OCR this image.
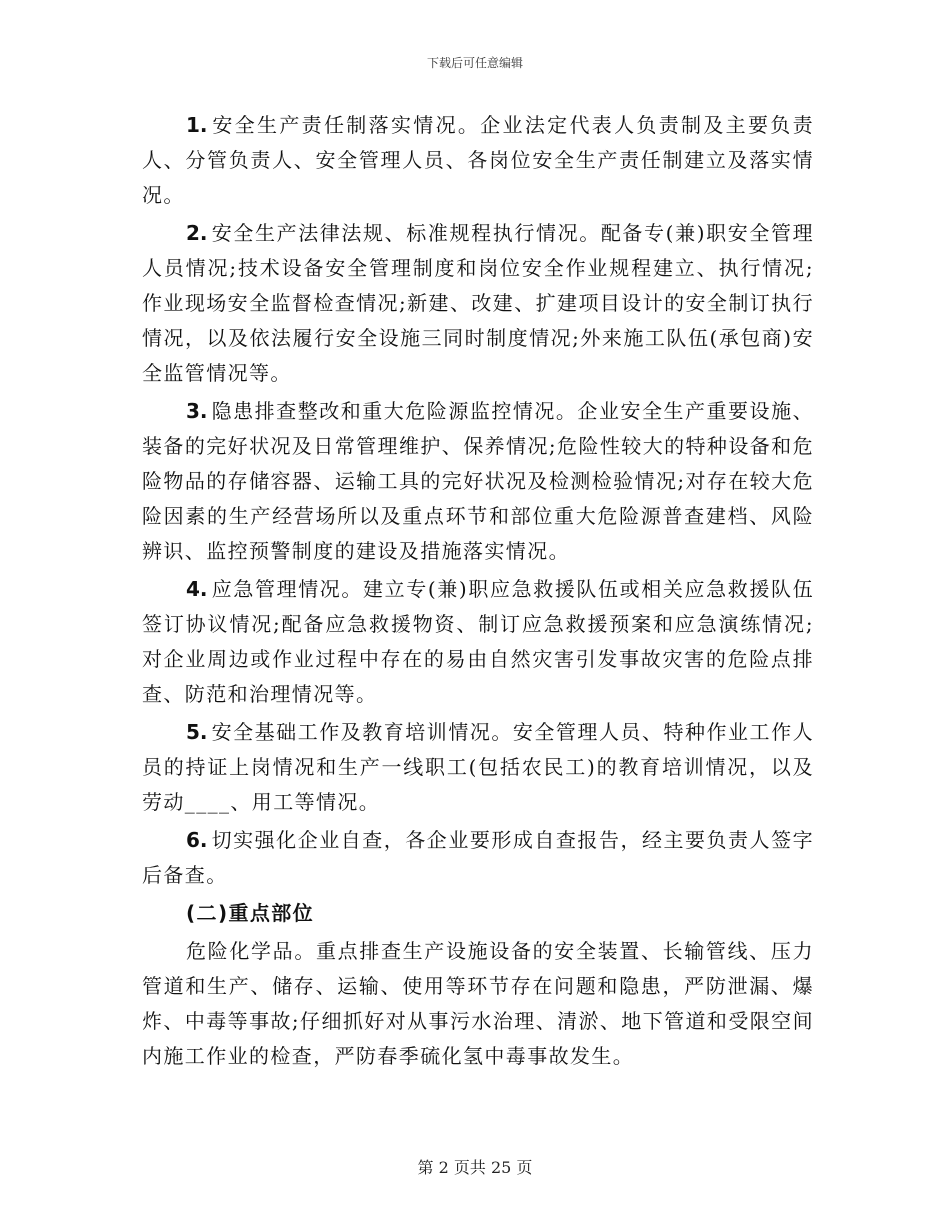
下载后可任意编辑

1. 安全生产责任制落实情况。企业法定代表人负责制及主要负责人、分管负责人、安全管理人员、各岗位安全生产责任制建立及落实情况。

2. 安全生产法律法规、标准规程执行情况。配备专(兼)职安全管理人员情况;技术设备安全管理制度和岗位安全作业规程建立、执行情况;作业现场安全监督检查情况;新建、改建、扩建项目设计的安全制订执行情况，以及依法履行安全设施三同时制度情况;外来施工队伍(承包商)安全监管情况等。

3. 隐患排查整改和重大危险源监控情况。企业安全生产重要设施、装备的完好状况及日常管理维护、保养情况;危险性较大的特种设备和危险物品的存储容器、运输工具的完好状况及检测检验情况;对存在较大危险因素的生产经营场所以及重点环节和部位重大危险源普查建档、风险辨识、监控预警制度的建设及措施落实情况。

4. 应急管理情况。建立专(兼)职应急救援队伍或相关应急救援队伍签订协议情况;配备应急救援物资、制订应急救援预案和应急演练情况;对企业周边或作业过程中存在的易由自然灾害引发事故灾害的危险点排查、防范和治理情况等。

5. 安全基础工作及教育培训情况。安全管理人员、特种作业工作人员的持证上岗情况和生产一线职工(包括农民工)的教育培训情况，以及劳动____、用工等情况。

6. 切实强化企业自查，各企业要形成自查报告，经主要负责人签字后备查。

(二)重点部位

危险化学品。重点排查生产设施设备的安全装置、长输管线、压力管道和生产、储存、运输、使用等环节存在问题和隐患，严防泄漏、爆炸、中毒等事故;仔细抓好对从事污水治理、清淤、地下管道和受限空间内施工作业的检查，严防春季硫化氢中毒事故发生。

第 2 页共 25 页
